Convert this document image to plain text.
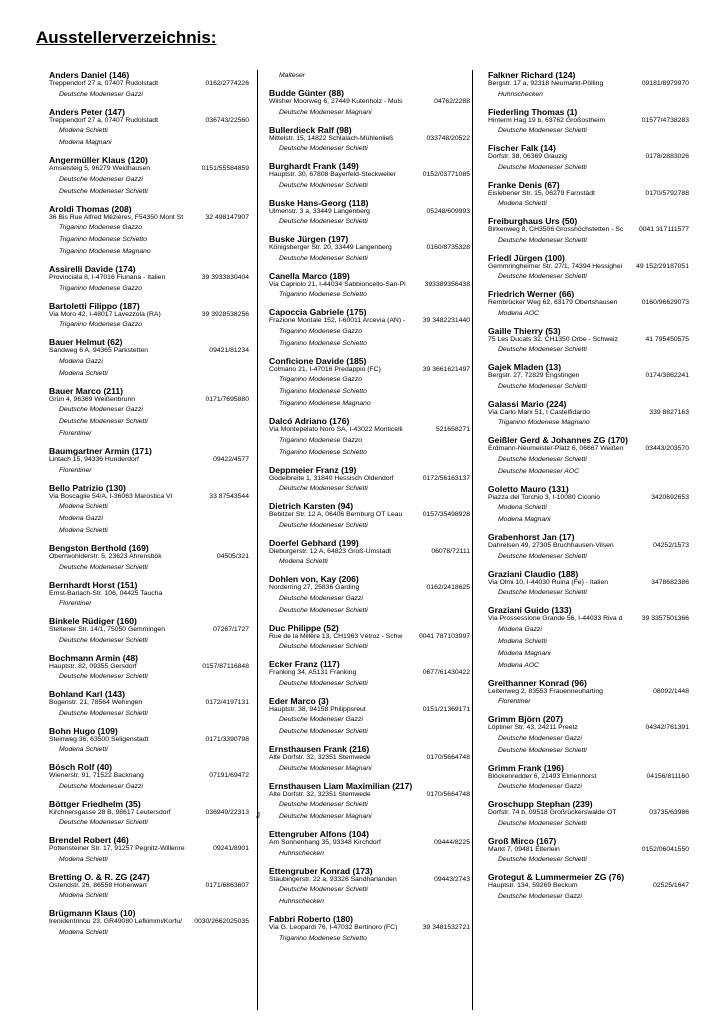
Ausstellerverzeichnis:
J
Anders Daniel (146)
Treppendorf 27 a, 07407 Rudolstadt	0162/2774226
Deutsche Modeneser Gazzi
Anders Peter (147)
Treppendorf 27 a, 07407 Rudolstadt	036743/22560
Modena Schietti
Modena Magnani
Angermüller Klaus (120)
Amselsteig 5, 96279 Weidhausen	0151/55584859
Deutsche Modeneser Gazzi
Deutsche Modeneser Schietti
Aroldi Thomas (208)
36 Bis Rue Alfred Mézières, F54350 Mont St	32 498147907
Triganino Modenese Gazzo
Triganino Modenese Schietto
Triganino Modenese Magnano
Assirelli Davide (174)
Provinciala 8, I-47016 Fiunana - Italien	39 3933830404
Triganino Modenese Gazzo
Bartoletti Filippo (187)
Via Moro 42, I-48017 Lavezzola (RA)	39 3928538256
Triganino Modenese Gazzo
Bauer Helmut (62)
Sandweg 6 A, 94365 Parkstetten	09421/81234
Modena Gazzi
Modena Schietti
Bauer Marco (211)
Grün 4, 96369 Weißenbrunn	0171/7695880
Deutsche Modeneser Gazzi
Deutsche Modeneser Schietti
Florentiner
Baumgartner Armin (171)
Lintach 15, 94336 Hunderdorf	09422/4577
Florentiner
Bello Patrizio (130)
Via Boscaglie 54/A, I-36063 Marostica VI	33 87543544
Modena Schietti
Modena Gazzi
Modena Schietti
Bengston Berthold (169)
Oberrwohlderstr. 5, 23623 Ahrensbök	04505/321
Deutsche Modeneser Schietti
Bernhardt Horst (151)
Ernst-Barlach-Str. 106, 04425 Taucha
Florentiner
Binkele Rüdiger (160)
Steltener Str. 14/1, 75050 Gemmingen	07267/1727
Deutsche Modeneser Schietti
Bochmann Armin (48)
Hauptstr. 82, 09355 Gersdorf	0157/87116848
Deutsche Modeneser Schietti
Bohland Karl (143)
Bogenstr. 21, 78564 Wehingen	0172/4197131
Deutsche Modeneser Schietti
Bohn Hugo (109)
Steinweg 36, 63500 Seligenstadt	0171/3390798
Modena Schietti
Bösch Rolf (40)
Wienerstr. 91, 71522 Backnang	07191/69472
Deutsche Modeneser Gazzi
Böttger Friedhelm (35)
Kirchnersgasse 28 B, 98617 Leutersdorf	036949/22313
Deutsche Modeneser Schietti
Brendel Robert (46)
Pottensteiner Str. 17, 91257 Pegnitz-Willenre	09241/8901
Modena Schietti
Bretting O. & R. ZG (247)
Ostendstr. 26, 86558 Hohenwart	0171/6863607
Modena Schietti
Brügmann Klaus (10)
Irenidentrinou 23, GR49080 Lefkimmi/Korfu/	0030/2662025035
Modena Schietti
Malteser
Budde Günter (88)
Wilsher Moorweg 6, 27449 Kutenholz - Muls	04762/2288
Deutsche Modeneser Magnani
Bullerdieck Ralf (98)
Mittelstr. 15, 14822 Schlalach-Mühlenließ	033748/20522
Deutsche Modeneser Schietti
Burghardt Frank (149)
Hauptstr. 30, 67808 Bayerfeld-Steckweiler	0152/03771085
Deutsche Modeneser Schietti
Buske Hans-Georg (118)
Ulmenstr. 3 a, 33449 Langenberg	05248/609993
Deutsche Modeneser Schietti
Buske Jürgen (197)
Königsberger Str. 20, 33449 Langenberg	0160/8735328
Deutsche Modeneser Schietti
Canella Marco (189)
Via Capriolo 21, I-44034 Sabbioncello-San-Pi	393389356438
Triganino Modenese Schietto
Capoccia Gabriele (175)
Frazione Montale 152, I-60011 Arcevia (AN) -	39 3482231440
Triganino Modenese Gazzo
Triganino Modenese Schietto
Conficione Davide (185)
Colmano 21, I-47016 Predappio (FC)	39 3661621497
Triganino Modenese Gazzo
Triganino Modenese Schietto
Triganino Modenese Magnano
Dalcó Adriano (176)
Via Montepelato Noro SA, I-43022 Monticelli	521658271
Triganino Modenese Gazzo
Triganino Modenese Schietto
Deppmeier Franz (19)
Godelbreite 1, 31840 Hessisch Oldendorf	0172/56163137
Deutsche Modeneser Schietti
Dietrich Karsten (94)
Bebitzer Str. 12 A, 06406 Bernburg OT Leau	0157/35498928
Deutsche Modeneser Schietti
Doerfel Gebhard (199)
Dieburgerstr. 12 A, 64823 Groß-Umstadt	06078/72111
Modena Schietti
Dohlen von, Kay (206)
Norderring 27, 25836 Garding	0162/2418625
Deutsche Modeneser Gazzi
Deutsche Modeneser Schietti
Duc Philippe (52)
Rue de la Millère 13, CH1963 Vétroz - Schw	0041 787103997
Deutsche Modeneser Schietti
Ecker Franz (117)
Franking 34, A5131 Franking	0677/61430422
Deutsche Modeneser Schietti
Eder Marco (3)
Hauptstr. 38, 94158 Philippsreut	0151/21369171
Deutsche Modeneser Gazzi
Deutsche Modeneser Schietti
Ernsthausen Frank (216)
Alte Dorfstr. 32, 32351 Stemwede	0170/5664748
Deutsche Modeneser Magnani
Ernsthausen Liam Maximilian (217)
Alte Dorfstr. 32, 32351 Stemwede	0170/5664748
Deutsche Modeneser Schietti
Deutsche Modeneser Magnani
Ettengruber Alfons (104)
Am Sonnenhang 35, 93348 Kirchdorf	09444/8225
Huhnschecken
Ettengruber Konrad (173)
Staubingerstr. 22 a, 93326 Sandharlanden	09443/2743
Deutsche Modeneser Schietti
Huhnschecken
Fabbri Roberto (180)
Via G. Leopardi 76, I-47032 Bertinoro (FC)	39 3481532721
Triganino Modenese Schietto
Falkner Richard (124)
Bergstr. 17 a, 92318 Neumarkt-Pölling	09181/8979970
Huhnschecken
Fiederling Thomas (1)
Hinterm Hag 19 b, 63762 Großostheim	01577/4738283
Deutsche Modeneser Schietti
Fischer Falk (14)
Dorfstr. 38, 06369 Glauzig	0178/2883026
Deutsche Modeneser Schietti
Franke Denis (67)
Eislebener Str. 15, 06279 Farnstädt	0170/5792788
Modena Schietti
Freiburghaus Urs (50)
Birkenweg 8, CH3506 Grosshöchstetten - Sc	0041 317111577
Deutsche Modeneser Schietti
Friedl Jürgen (100)
Gemmringheimer Str. 27/1, 74394 Hessighei	49 152/29187051
Deutsche Modeneser Schietti
Friedrich Werner (66)
Rembrücker Weg 62, 63179 Obertshausen	0160/96629073
Modena AOC
Gaille Thierry (53)
75 Les Ducats 32, CH1350 Orbe - Schweiz	41 795450575
Deutsche Modeneser Schietti
Gajek Mladen (13)
Bergstr. 27, 72829 Engstingen	0174/3862241
Deutsche Modeneser Schietti
Galassi Mario (224)
Via Carlo Marx 51, I Castelfidardo	339 8827163
Triganino Modenese Magnano
Geißler Gerd & Johannes ZG (170)
Erdmann-Neumeister-Platz 6, 06667 Weißen	03443/203570
Deutsche Modeneser Schietti
Deutsche Modeneser AOC
Goletto Mauro (131)
Piazza del Torchio 3, I-10080 Ciconio	3420692653
Modena Schietti
Modena Magnani
Grabenhorst Jan (17)
Dahrelsen 49, 27305 Bruchhausen-Vilsen	04252/1573
Deutsche Modeneser Schietti
Graziani Claudio (188)
Via Olmi 10, I-44030 Ruina (Fe) - Italien	3478682386
Deutsche Modeneser Schietti
Graziani Guido (133)
Via Prossessione Grande 56, I-44033 Riva d	39 3357501366
Modena Gazzi
Modena Schietti
Modena Magnani
Modena AOC
Greithanner Konrad (96)
Leitenweg 2, 83553 Frauenneuharting	08092/1448
Florentiner
Grimm Björn (207)
Löptiner Str. 43, 24211 Preetz	04342/761391
Deutsche Modeneser Gazzi
Deutsche Modeneser Schietti
Grimm Frank (196)
Blöckenredder 6, 21493 Elmenhorst	04156/811160
Deutsche Modeneser Gazzi
Groschupp Stephan (239)
Dorfstr. 74 b, 09518 Großrückerswalde OT	03735/63986
Deutsche Modeneser Schietti
Groß Mirco (167)
Markt 7, 09481 Elterlein	0152/06041550
Deutsche Modeneser Schietti
Grotegut & Lummermeier ZG (76)
Hauptstr. 134, 59269 Beckum	02525/1647
Deutsche Modeneser Gazzi
